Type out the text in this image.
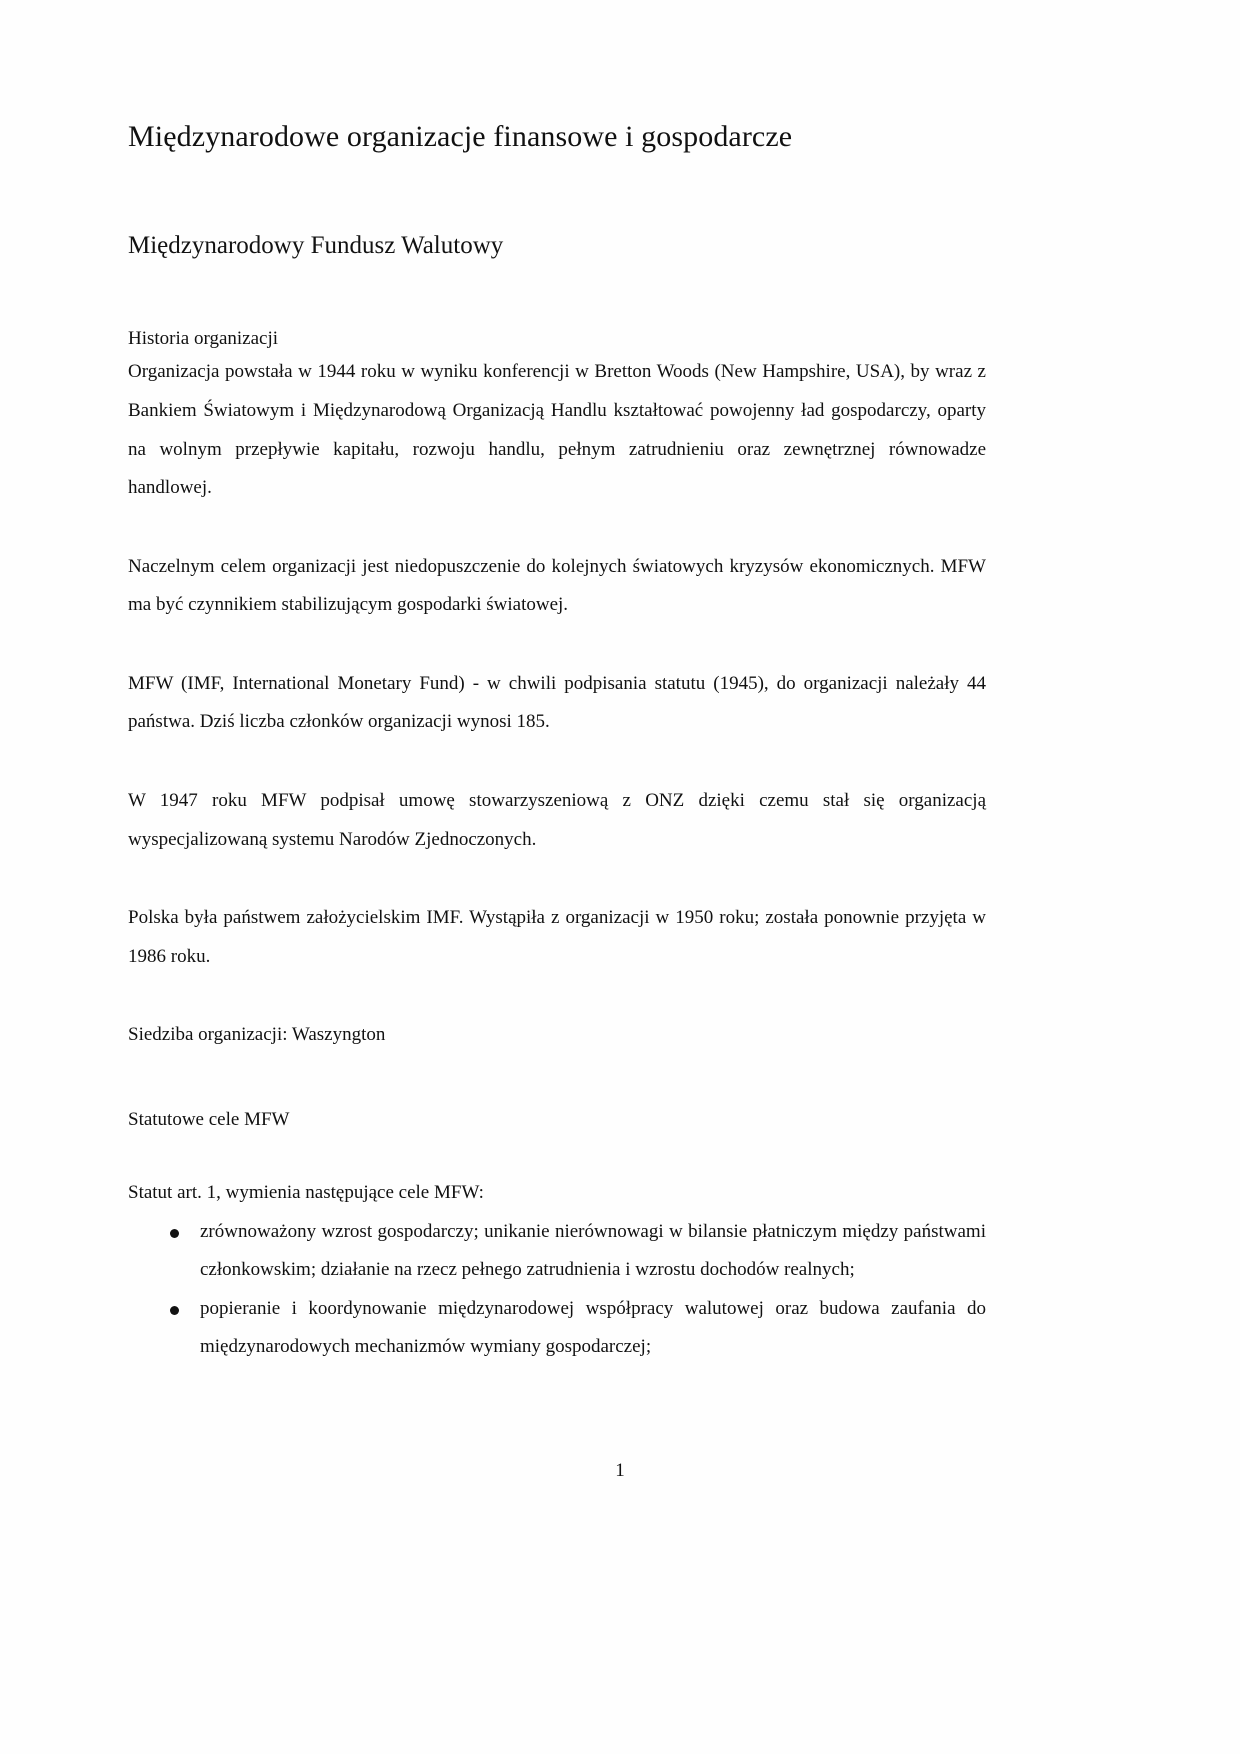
Międzynarodowe organizacje finansowe i gospodarcze
Międzynarodowy Fundusz Walutowy

Historia organizacji

Organizacja powstała w 1944 roku w wyniku konferencji w Bretton Woods (New Hampshire, USA), by wraz z Bankiem Światowym i Międzynarodową Organizacją Handlu kształtować powojenny ład gospodarczy, oparty na wolnym przepływie kapitału, rozwoju handlu, pełnym zatrudnieniu oraz zewnętrznej równowadze handlowej.

Naczelnym celem organizacji jest niedopuszczenie do kolejnych światowych kryzysów ekonomicznych. MFW ma być czynnikiem stabilizującym gospodarki światowej.

MFW (IMF, International Monetary Fund) - w chwili podpisania statutu (1945), do organizacji należały 44 państwa. Dziś liczba członków organizacji wynosi 185.

W 1947 roku MFW podpisał umowę stowarzyszeniową z ONZ dzięki czemu stał się organizacją wyspecjalizowaną systemu Narodów Zjednoczonych.

Polska była państwem założycielskim IMF. Wystąpiła z organizacji w 1950 roku; została ponownie przyjęta w 1986 roku.

Siedziba organizacji: Waszyngton

Statutowe cele MFW

Statut art. 1, wymienia następujące cele MFW:

zrównoważony wzrost gospodarczy; unikanie nierównowagi w bilansie płatniczym między państwami członkowskim; działanie na rzecz pełnego zatrudnienia i wzrostu dochodów realnych;
popieranie i koordynowanie międzynarodowej współpracy walutowej oraz budowa zaufania do międzynarodowych mechanizmów wymiany gospodarczej;
1
